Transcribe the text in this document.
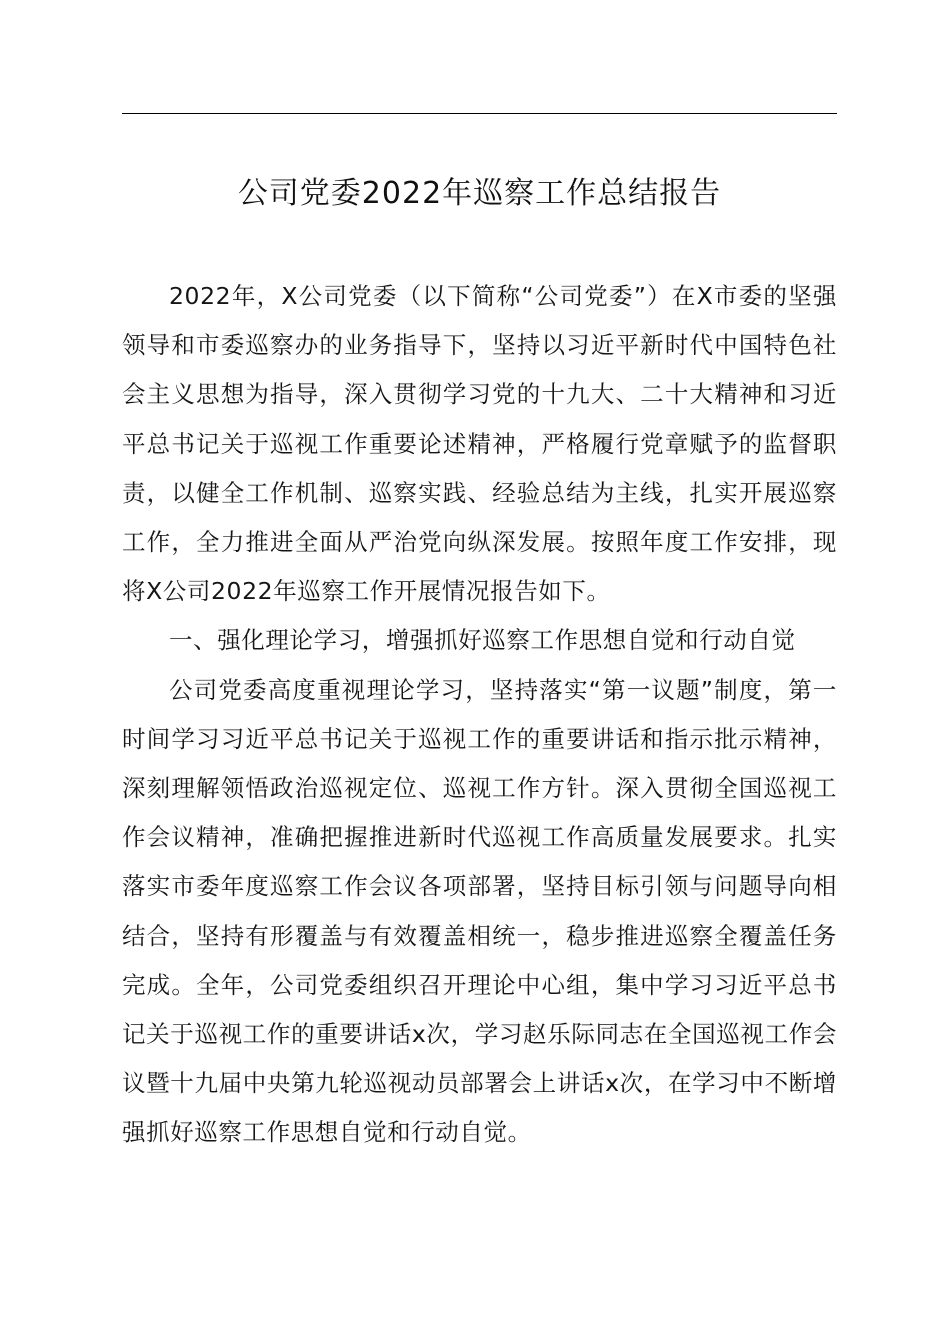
公司党委2022年巡察工作总结报告

2022年，X公司党委（以下简称“公司党委”）在X市委的坚强领导和市委巡察办的业务指导下，坚持以习近平新时代中国特色社会主义思想为指导，深入贯彻学习党的十九大、二十大精神和习近平总书记关于巡视工作重要论述精神，严格履行党章赋予的监督职责，以健全工作机制、巡察实践、经验总结为主线，扎实开展巡察工作，全力推进全面从严治党向纵深发展。按照年度工作安排，现将X公司2022年巡察工作开展情况报告如下。

一、强化理论学习，增强抓好巡察工作思想自觉和行动自觉

公司党委高度重视理论学习，坚持落实“第一议题”制度，第一时间学习习近平总书记关于巡视工作的重要讲话和指示批示精神，深刻理解领悟政治巡视定位、巡视工作方针。深入贯彻全国巡视工作会议精神，准确把握推进新时代巡视工作高质量发展要求。扎实落实市委年度巡察工作会议各项部署，坚持目标引领与问题导向相结合，坚持有形覆盖与有效覆盖相统一，稳步推进巡察全覆盖任务完成。全年，公司党委组织召开理论中心组，集中学习习近平总书记关于巡视工作的重要讲话x次，学习赵乐际同志在全国巡视工作会议暨十九届中央第九轮巡视动员部署会上讲话x次，在学习中不断增强抓好巡察工作思想自觉和行动自觉。
